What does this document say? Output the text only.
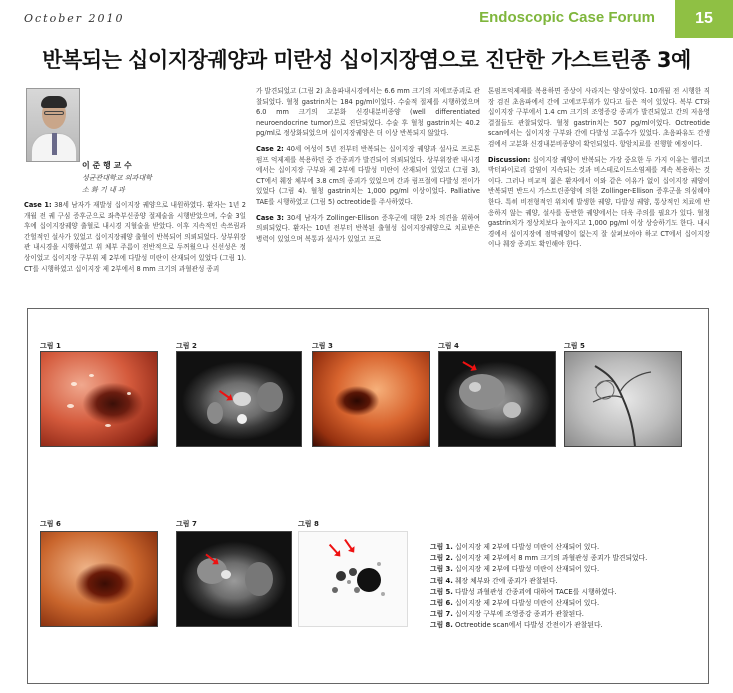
October 2010	Endoscopic Case Forum	15
반복되는 십이지장궤양과 미란성 십이지장염으로 진단한 가스트린종 3예
이 준 행 교 수
성균관대학교 의과대학
소 화 기 내 과

Case 1: 38세 남자가 재발성 십이지장 궤양으로 내원하였다. 환자는 1년 2개월 전 궤 구심 증후군으로 좌측부신종양 절제술을 시행받았으며, 수술 3일 후에 십이지장궤양 출혈로 내시경 지혈술을 받았다. 이후 지속적인 속쓰림과 간헐적인 설사가 있었고 십이지장궤양 출혈이 반복되어 의뢰되었다. 상부위장관 내시경을 시행하였고 위 체부 주름이 전반적으로 두꺼웠으나 신선성은 정상이었고 십이지장 구부위 제 2부에 다발성 미란이 산재되어 있었다 (그림 1). CT를 시행하였고 십이지장 제 2부에서 8 mm 크기의 과혈관성 종괴

가 발견되었고 (그림 2) 초음파내시경에서는 6.6 mm 크기의 저에코종괴로 관찰되었다. 혈청 gastrin치는 184 pg/ml이었다. 수술적 절제를 시행하였으며 6.0 mm 크기의 고분화 신경내분비종양 (well differentiated neuroendocrine tumor)으로 진단되었다. 수술 후 혈청 gastrin치는 40.2 pg/ml로 정상화되었으며 십이지장궤양은 더 이상 반복되지 않았다.

Case 2: 40세 여성이 5년 전부터 반복되는 십이지장 궤양과 설사로 프로톤펌프 억제제를 복용하던 중 간종괴가 발견되어 의뢰되었다. 상부위장관 내시경에서는 십이지장 구부와 제 2부에 다발성 미란이 산재되어 있었고 (그림 3), CT에서 췌장 체부에 3.8 cm의 종괴가 있었으며 간과 림프절에 다발성 전이가 있었다 (그림 4). 혈청 gastrin치는 1,000 pg/ml 이상이었다. Palliative TAE를 시행하였고 (그림 5) octreotide를 주사하였다.

Case 3: 30세 남자가 Zollinger-Ellison 증후군에 대한 2차 의견을 위하여 의뢰되었다. 환자는 10년 전부터 반복된 출혈성 십이지장궤양으로 치료받은 병력이 있었으며 복통과 설사가 있었고 프로

톤펌프억제제를 복용하면 증상이 사라지는 양상이었다. 10개월 전 시행한 직장 검진 초음파에서 간에 고에코무위가 있다고 들은 적이 있었다. 복부 CT와 십이지장 구부에서 1.4 cm 크기의 조영증강 종괴가 발견되었고 간의 저음영 결절들도 관찰되었다. 혈청 gastrin치는 507 pg/ml이었다. Octreotide scan에서는 십이지장 구부와 간에 다발성 고흡수가 있었다. 초음파유도 간생검에서 고분화 신경내분비종양이 확인되었다. 항암치료를 진행할 예정이다.

Discussion: 십이지장 궤양이 반복되는 가장 중요한 두 가지 이유는 헬리코박터파이로리 감염이 지속되는 것과 비스테로이드소염제를 계속 복용하는 것이다. 그러나 비교적 젊은 환자에서 이와 같은 이유가 없이 십이지장 궤양이 반복되면 반드시 가스트린종양에 의한 Zollinger-Ellison 증후군을 의심해야 한다. 특히 비전형적인 위치에 발생한 궤양, 다발성 궤양, 통상적인 치료에 반응하지 않는 궤양, 설사를 동반한 궤양에서는 더욱 주의를 필요가 있다. 혈청 gastrin치가 정상치보다 높아지고 1,000 pg/ml 이상 상승하기도 한다. 내시경에서 십이지장에 점막궤양이 없는지 잘 살펴보아야 하고 CT에서 십이지장이나 췌장 종괴도 확인해야 한다.

그림 1	그림 2	그림 3	그림 4	그림 5
그림 6	그림 7	그림 8
그림 1. 십이지장 제 2부에 다발성 미란이 산재되어 있다.
그림 2. 십이지장 제 2부에서 8 mm 크기의 과혈관성 종괴가 발견되었다.
그림 3. 십이지장 제 2부에 다발성 미란이 산재되어 있다.
그림 4. 췌장 체부와 간에 종괴가 관찰된다.
그림 5. 다발성 과혈관성 간종괴에 대하여 TACE를 시행하였다.
그림 6. 십이지장 제 2부에 다발성 미란이 산재되어 있다.
그림 7. 십이지장 구부에 조영증강 종괴가 관찰된다.
그림 8. Octreotide scan에서 다발성 간전이가 관찰된다.
